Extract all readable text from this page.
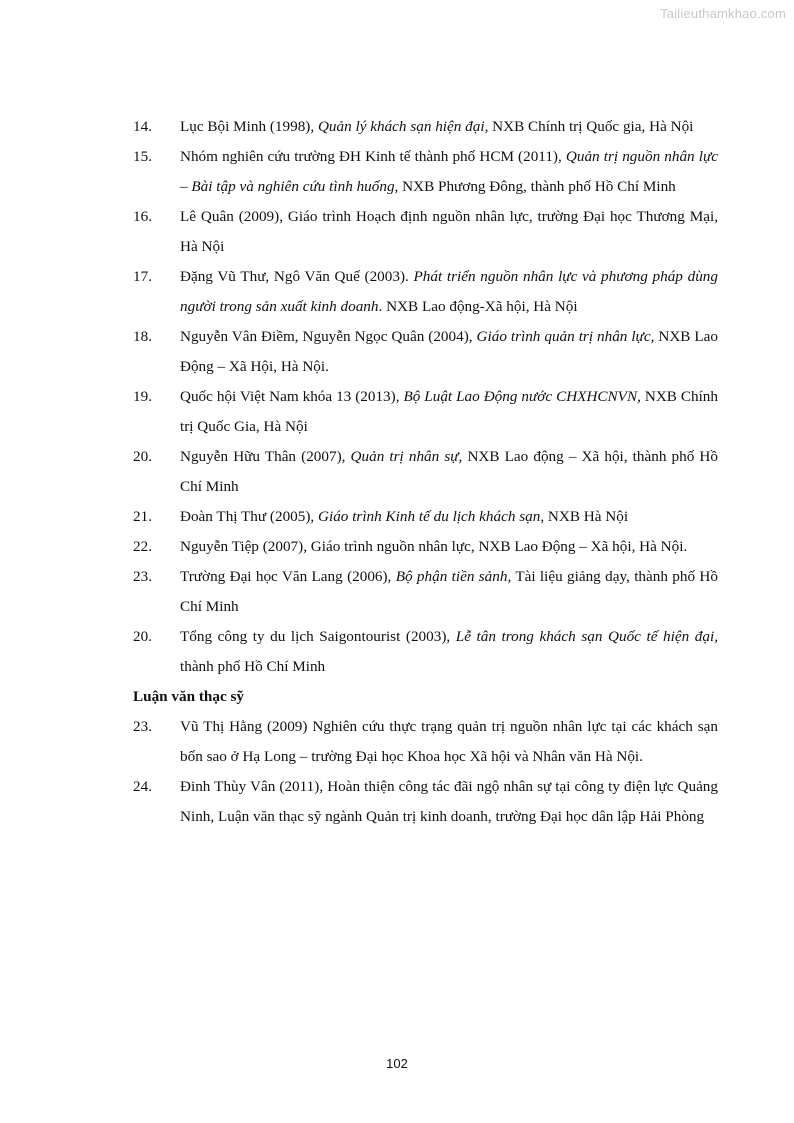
Tailieuthamkhao.com
14. Lục Bội Minh (1998), Quản lý khách sạn hiện đại, NXB Chính trị Quốc gia, Hà Nội
15. Nhóm nghiên cứu trường ĐH Kinh tế thành phố HCM (2011), Quản trị nguồn nhân lực – Bài tập và nghiên cứu tình huống, NXB Phương Đông, thành phố Hồ Chí Minh
16. Lê Quân (2009), Giáo trình Hoạch định nguồn nhân lực, trường Đại học Thương Mại, Hà Nội
17. Đặng Vũ Thư, Ngô Văn Quế (2003). Phát triển nguồn nhân lực và phương pháp dùng người trong sản xuất kinh doanh. NXB Lao động-Xã hội, Hà Nội
18. Nguyễn Vân Điềm, Nguyễn Ngọc Quân (2004), Giáo trình quản trị nhân lực, NXB Lao Động – Xã Hội, Hà Nội.
19. Quốc hội Việt Nam khóa 13 (2013), Bộ Luật Lao Động nước CHXHCNVN, NXB Chính trị Quốc Gia, Hà Nội
20. Nguyễn Hữu Thân (2007), Quản trị nhân sự, NXB Lao động – Xã hội, thành phố Hồ Chí Minh
21. Đoàn Thị Thư (2005), Giáo trình Kinh tế du lịch khách sạn, NXB Hà Nội
22. Nguyễn Tiệp (2007), Giáo trình nguồn nhân lực, NXB Lao Động – Xã hội, Hà Nội.
23. Trường Đại học Văn Lang (2006), Bộ phận tiền sảnh, Tài liệu giảng dạy, thành phố Hồ Chí Minh
20. Tổng công ty du lịch Saigontourist (2003), Lễ tân trong khách sạn Quốc tế hiện đại, thành phố Hồ Chí Minh
Luận văn thạc sỹ
23. Vũ Thị Hằng (2009) Nghiên cứu thực trạng quản trị nguồn nhân lực tại các khách sạn bốn sao ở Hạ Long – trường Đại học Khoa học Xã hội và Nhân văn Hà Nội.
24. Đinh Thùy Vân (2011), Hoàn thiện công tác đãi ngộ nhân sự tại công ty điện lực Quảng Ninh, Luận văn thạc sỹ ngành Quản trị kinh doanh, trường Đại học dân lập Hải Phòng
102
